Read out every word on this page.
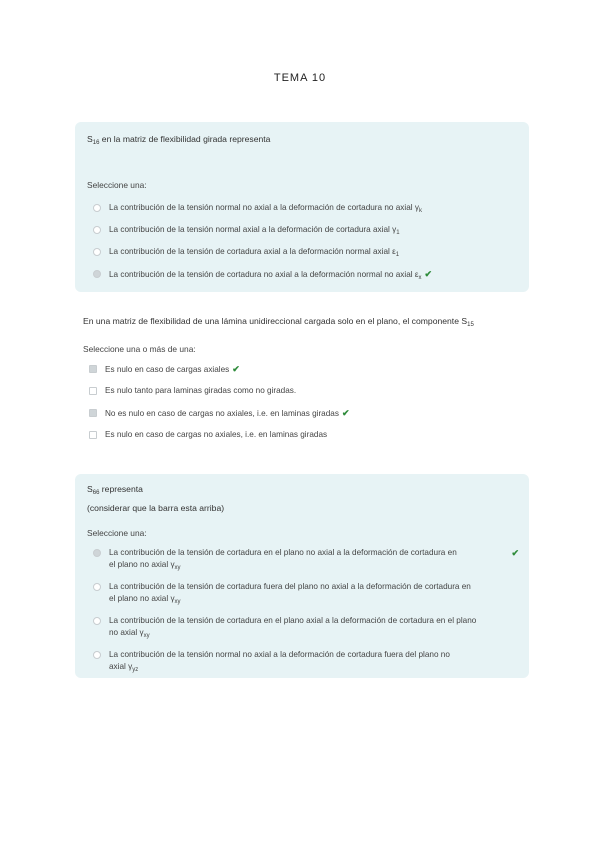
TEMA 10
$S_{16}$ en la matriz de flexibilidad girada representa
Seleccione una:
La contribución de la tensión normal no axial a la deformación de cortadura no axial $\gamma_k$
La contribución de la tensión normal axial a la deformación de cortadura axial $\gamma_1$
La contribución de la tensión de cortadura axial a la deformación normal axial $\varepsilon_1$
La contribución de la tensión de cortadura no axial a la deformación normal no axial $\varepsilon_x$ ✔
En una matriz de flexibilidad de una lámina unidireccional cargada solo en el plano, el componente $S_{15}$
Seleccione una o más de una:
Es nulo en caso de cargas axiales ✔
Es nulo tanto para laminas giradas como no giradas.
No es nulo en caso de cargas no axiales, i.e. en laminas giradas ✔
Es nulo en caso de cargas no axiales, i.e. en laminas giradas
$S_{66}$ representa
(considerar que la barra esta arriba)
Seleccione una:
La contribución de la tensión de cortadura en el plano no axial a la deformación de cortadura en
el plano no axial $\gamma_{xy}$
✔
La contribución de la tensión de cortadura fuera del plano no axial a la deformación de cortadura en
el plano no axial $\gamma_{xy}$
La contribución de la tensión de cortadura en el plano axial a la deformación de cortadura en el plano
no axial $\gamma_{xy}$
La contribución de la tensión normal no axial a la deformación de cortadura fuera del plano no
axial $\gamma_{yz}$
